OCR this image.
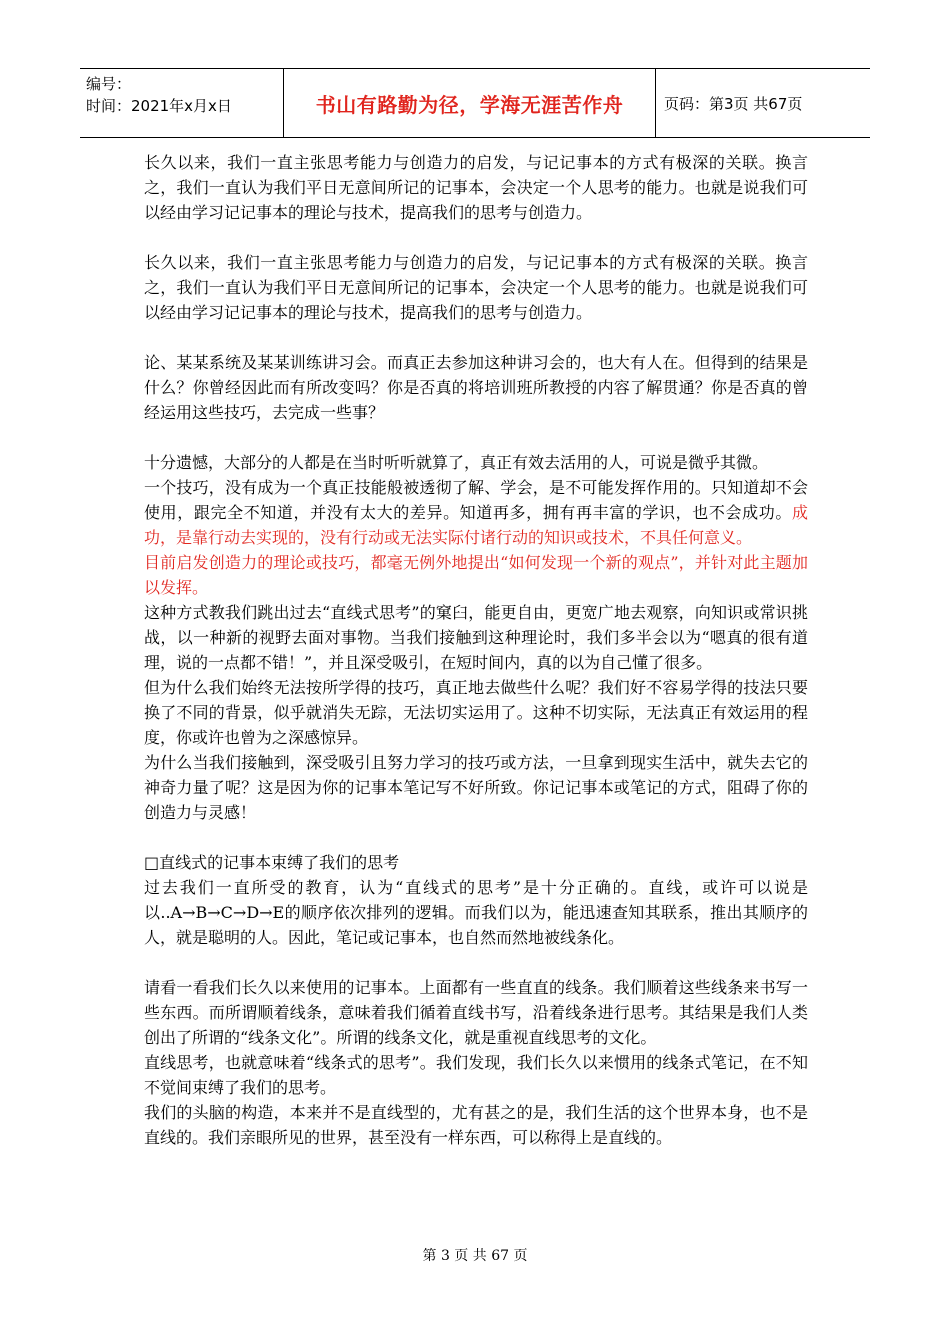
编号：
时间：2021年x月x日	书山有路勤为径，学海无涯苦作舟	页码：第3页 共67页

长久以来，我们一直主张思考能力与创造力的启发，与记记事本的方式有极深的关联。换言之，我们一直认为我们平日无意间所记的记事本，会决定一个人思考的能力。也就是说我们可以经由学习记记事本的理论与技术，提高我们的思考与创造力。

长久以来，我们一直主张思考能力与创造力的启发，与记记事本的方式有极深的关联。换言之，我们一直认为我们平日无意间所记的记事本，会决定一个人思考的能力。也就是说我们可以经由学习记记事本的理论与技术，提高我们的思考与创造力。

论、某某系统及某某训练讲习会。而真正去参加这种讲习会的，也大有人在。但得到的结果是什么？你曾经因此而有所改变吗？你是否真的将培训班所教授的内容了解贯通？你是否真的曾经运用这些技巧，去完成一些事？

十分遗憾，大部分的人都是在当时听听就算了，真正有效去活用的人，可说是微乎其微。

一个技巧，没有成为一个真正技能般被透彻了解、学会，是不可能发挥作用的。只知道却不会使用，跟完全不知道，并没有太大的差异。知道再多，拥有再丰富的学识，也不会成功。成功，是靠行动去实现的，没有行动或无法实际付诸行动的知识或技术，不具任何意义。

目前启发创造力的理论或技巧，都毫无例外地提出“如何发现一个新的观点”，并针对此主题加以发挥。

这种方式教我们跳出过去“直线式思考”的窠臼，能更自由，更宽广地去观察，向知识或常识挑战，以一种新的视野去面对事物。当我们接触到这种理论时，我们多半会以为“嗯真的很有道理，说的一点都不错！”，并且深受吸引，在短时间内，真的以为自己懂了很多。

但为什么我们始终无法按所学得的技巧，真正地去做些什么呢？我们好不容易学得的技法只要换了不同的背景，似乎就消失无踪，无法切实运用了。这种不切实际，无法真正有效运用的程度，你或许也曾为之深感惊异。

为什么当我们接触到，深受吸引且努力学习的技巧或方法，一旦拿到现实生活中，就失去它的神奇力量了呢？这是因为你的记事本笔记写不好所致。你记记事本或笔记的方式，阻碍了你的创造力与灵感！

□直线式的记事本束缚了我们的思考

过去我们一直所受的教育，认为“直线式的思考”是十分正确的。直线，或许可以说是以..A→B→C→D→E的顺序依次排列的逻辑。而我们以为，能迅速查知其联系，推出其顺序的人，就是聪明的人。因此，笔记或记事本，也自然而然地被线条化。

请看一看我们长久以来使用的记事本。上面都有一些直直的线条。我们顺着这些线条来书写一些东西。而所谓顺着线条，意味着我们循着直线书写，沿着线条进行思考。其结果是我们人类创出了所谓的“线条文化”。所谓的线条文化，就是重视直线思考的文化。

直线思考，也就意味着“线条式的思考”。我们发现，我们长久以来惯用的线条式笔记，在不知不觉间束缚了我们的思考。

我们的头脑的构造，本来并不是直线型的，尤有甚之的是，我们生活的这个世界本身，也不是直线的。我们亲眼所见的世界，甚至没有一样东西，可以称得上是直线的。

第 3 页 共 67 页
